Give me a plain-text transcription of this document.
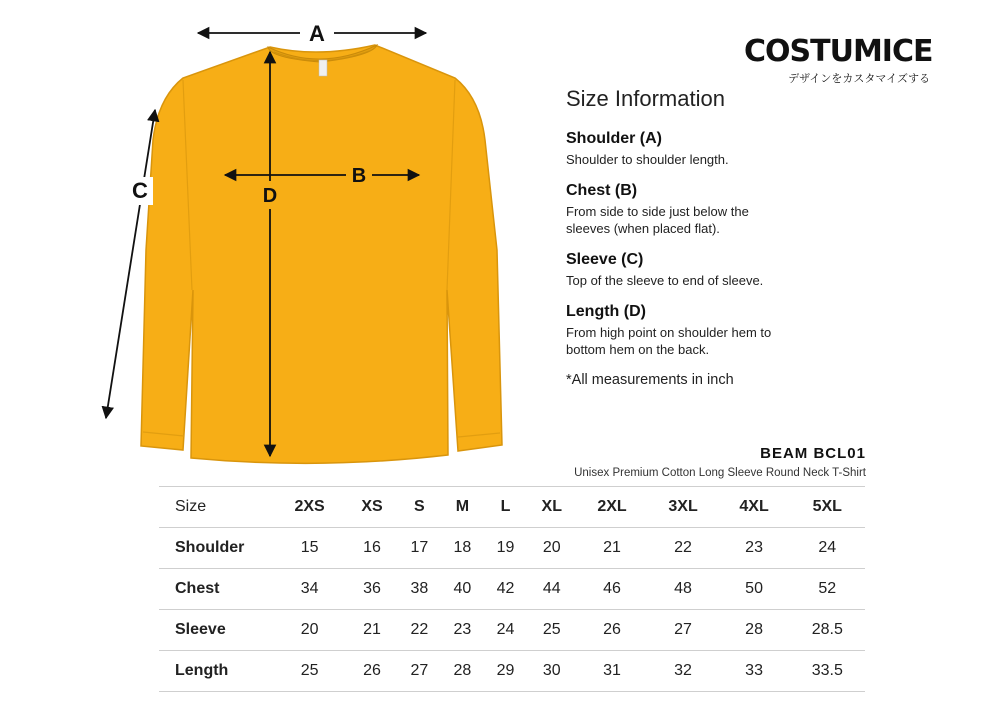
A
B
C	D
COSTUMICE
デザインをカスタマイズする
Size Information
Shoulder (A)
Shoulder to shoulder length.
Chest (B)
From side to side just below the sleeves (when placed flat).
Sleeve (C)
Top of the sleeve to end of sleeve.
Length (D)
From high point on shoulder hem to bottom hem on the back.
*All measurements in inch
BEAM BCL01
Unisex Premium Cotton Long Sleeve Round Neck T-Shirt
Size	2XS	XS	S	M	L	XL	2XL	3XL	4XL	5XL
Shoulder	15	16	17	18	19	20	21	22	23	24
Chest	34	36	38	40	42	44	46	48	50	52
Sleeve	20	21	22	23	24	25	26	27	28	28.5
Length	25	26	27	28	29	30	31	32	33	33.5
